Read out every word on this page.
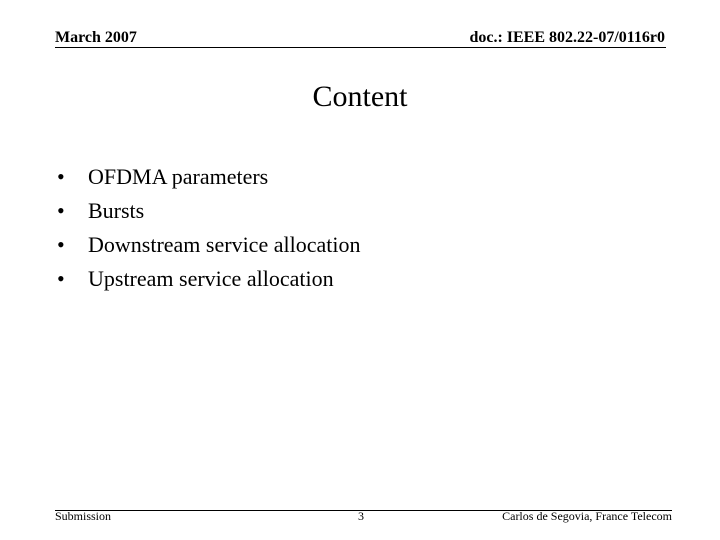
March 2007	doc.: IEEE 802.22-07/0116r0
Content
• OFDMA parameters
• Bursts
• Downstream service allocation
• Upstream service allocation
Submission	3	Carlos de Segovia, France Telecom
